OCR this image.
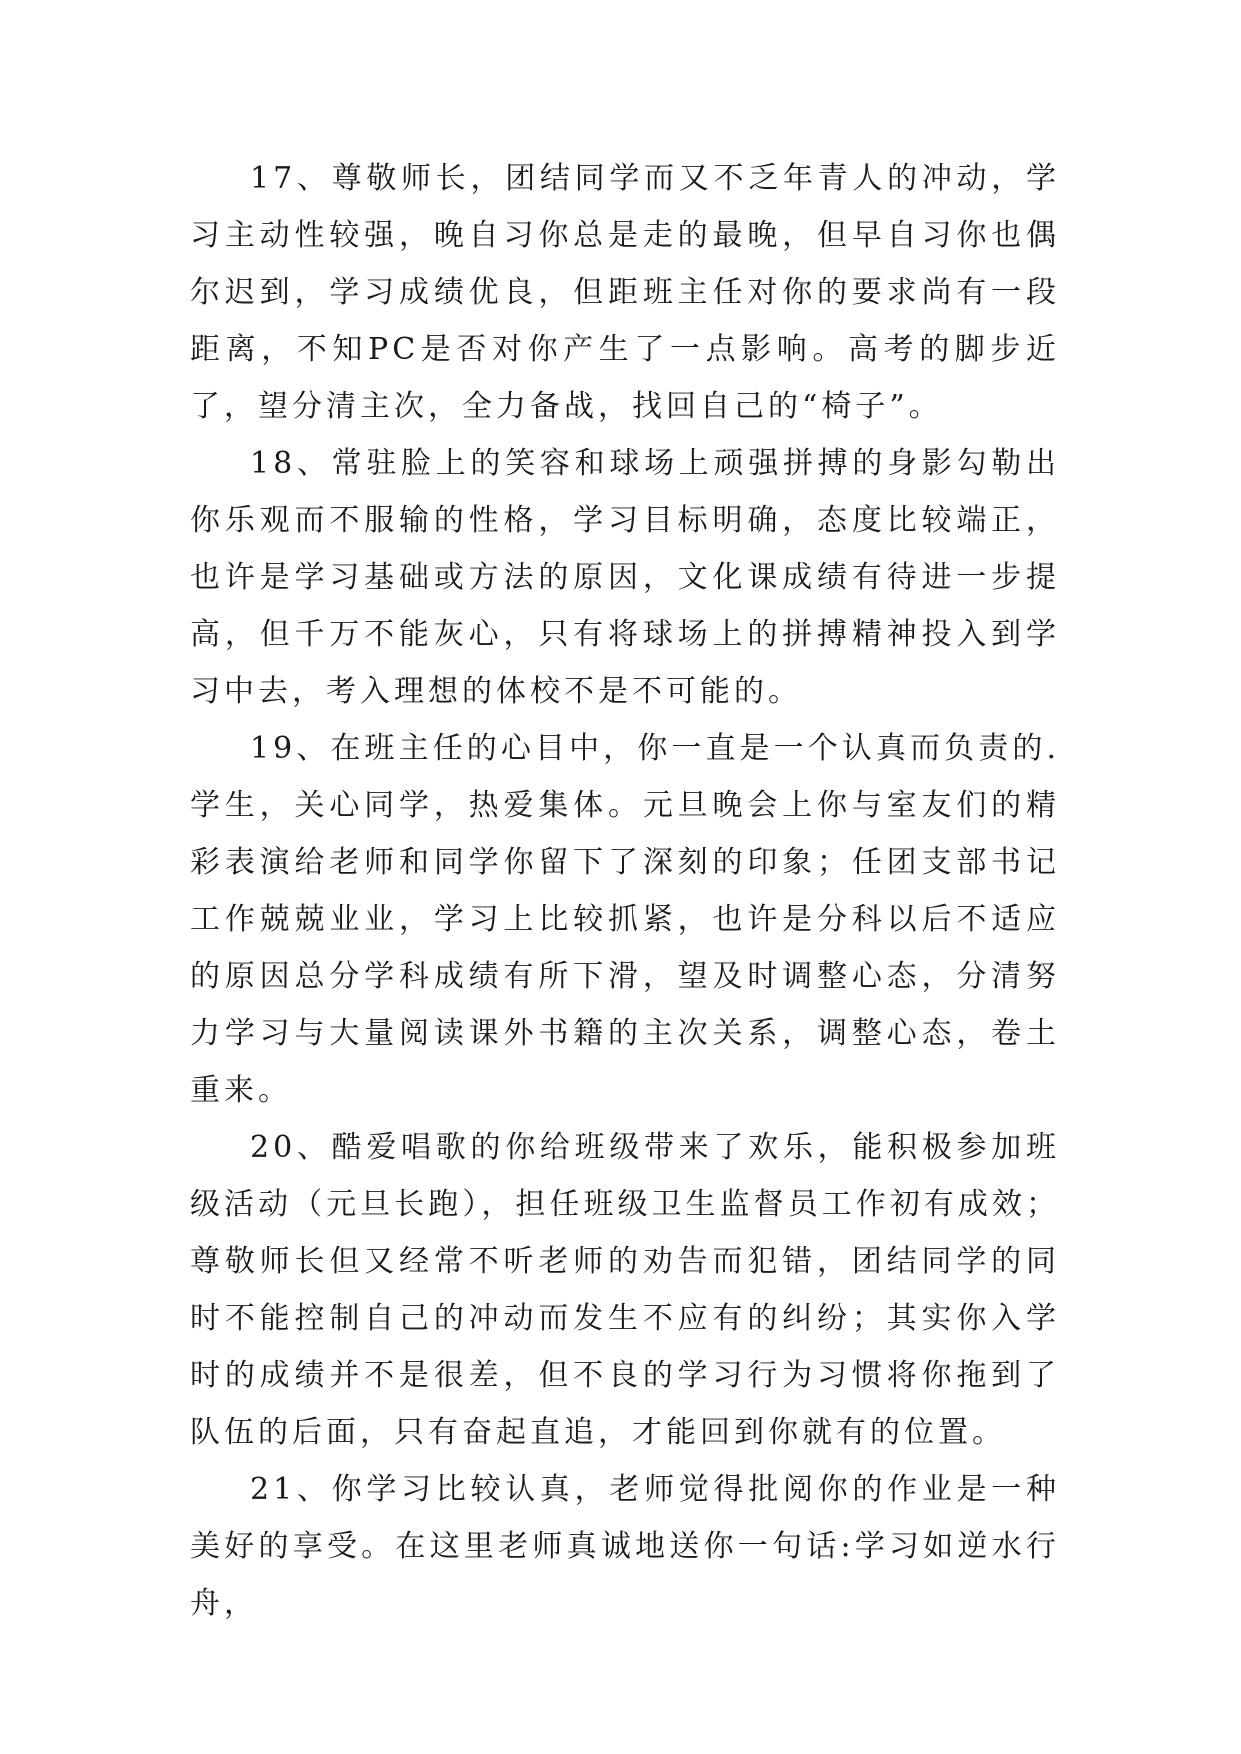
17、尊敬师长，团结同学而又不乏年青人的冲动，学习主动性较强，晚自习你总是走的最晚，但早自习你也偶尔迟到，学习成绩优良，但距班主任对你的要求尚有一段距离，不知PC是否对你产生了一点影响。高考的脚步近了，望分清主次，全力备战，找回自己的“椅子”。

18、常驻脸上的笑容和球场上顽强拼搏的身影勾勒出你乐观而不服输的性格，学习目标明确，态度比较端正，也许是学习基础或方法的原因，文化课成绩有待进一步提高，但千万不能灰心，只有将球场上的拼搏精神投入到学习中去，考入理想的体校不是不可能的。

19、在班主任的心目中，你一直是一个认真而负责的.学生，关心同学，热爱集体。元旦晚会上你与室友们的精彩表演给老师和同学你留下了深刻的印象；任团支部书记工作兢兢业业，学习上比较抓紧，也许是分科以后不适应的原因总分学科成绩有所下滑，望及时调整心态，分清努力学习与大量阅读课外书籍的主次关系，调整心态，卷土重来。

20、酷爱唱歌的你给班级带来了欢乐，能积极参加班级活动（元旦长跑），担任班级卫生监督员工作初有成效；尊敬师长但又经常不听老师的劝告而犯错，团结同学的同时不能控制自己的冲动而发生不应有的纠纷；其实你入学时的成绩并不是很差，但不良的学习行为习惯将你拖到了队伍的后面，只有奋起直追，才能回到你就有的位置。

21、你学习比较认真，老师觉得批阅你的作业是一种美好的享受。在这里老师真诚地送你一句话:学习如逆水行舟，
